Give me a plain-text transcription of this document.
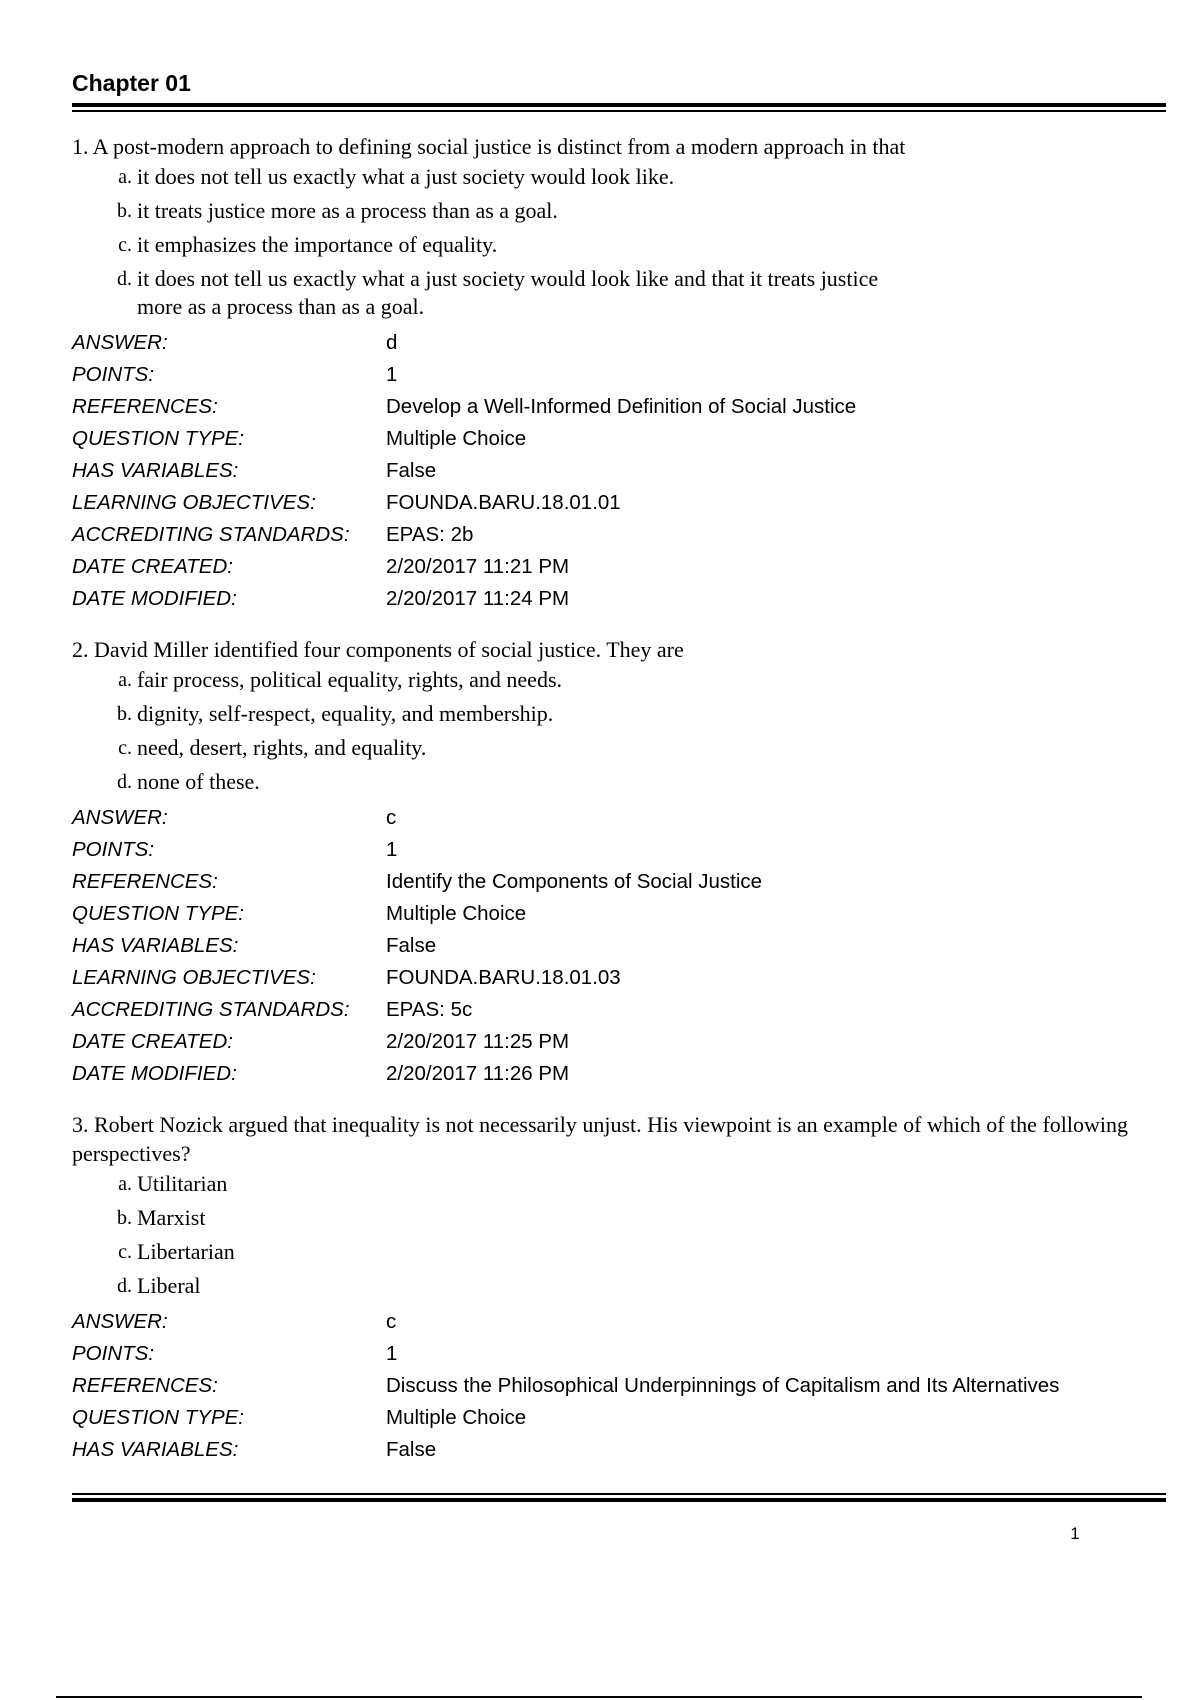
Chapter 01
1. A post-modern approach to defining social justice is distinct from a modern approach in that
a. it does not tell us exactly what a just society would look like.
b. it treats justice more as a process than as a goal.
c. it emphasizes the importance of equality.
d. it does not tell us exactly what a just society would look like and that it treats justice more as a process than as a goal.
ANSWER:	d
POINTS:	1
REFERENCES:	Develop a Well-Informed Definition of Social Justice
QUESTION TYPE:	Multiple Choice
HAS VARIABLES:	False
LEARNING OBJECTIVES:	FOUNDA.BARU.18.01.01
ACCREDITING STANDARDS:	EPAS: 2b
DATE CREATED:	2/20/2017 11:21 PM
DATE MODIFIED:	2/20/2017 11:24 PM
2. David Miller identified four components of social justice. They are
a. fair process, political equality, rights, and needs.
b. dignity, self-respect, equality, and membership.
c. need, desert, rights, and equality.
d. none of these.
ANSWER:	c
POINTS:	1
REFERENCES:	Identify the Components of Social Justice
QUESTION TYPE:	Multiple Choice
HAS VARIABLES:	False
LEARNING OBJECTIVES:	FOUNDA.BARU.18.01.03
ACCREDITING STANDARDS:	EPAS: 5c
DATE CREATED:	2/20/2017 11:25 PM
DATE MODIFIED:	2/20/2017 11:26 PM
3. Robert Nozick argued that inequality is not necessarily unjust. His viewpoint is an example of which of the following perspectives?
a. Utilitarian
b. Marxist
c. Libertarian
d. Liberal
ANSWER:	c
POINTS:	1
REFERENCES:	Discuss the Philosophical Underpinnings of Capitalism and Its Alternatives
QUESTION TYPE:	Multiple Choice
HAS VARIABLES:	False
1
